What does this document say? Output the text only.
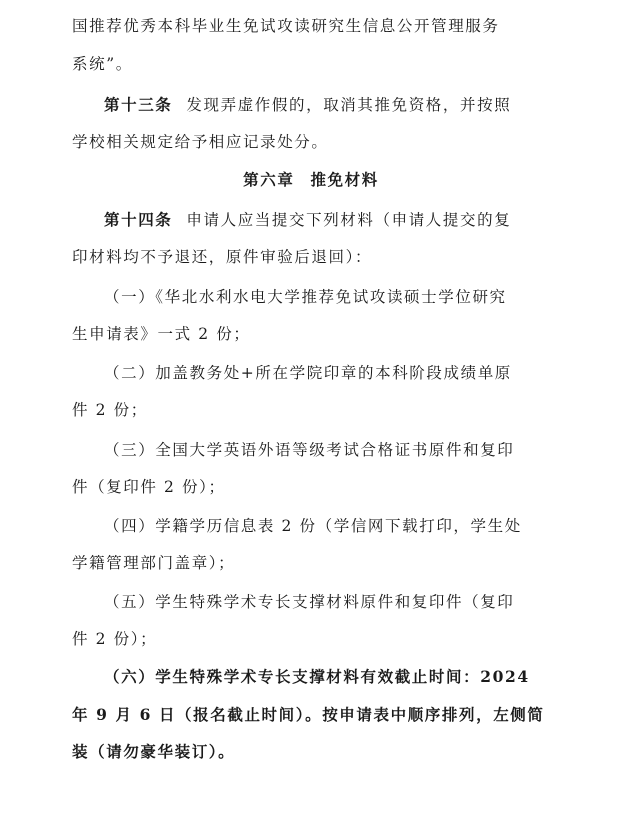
国推荐优秀本科毕业生免试攻读研究生信息公开管理服务
系统”。
第十三条 发现弄虚作假的，取消其推免资格，并按照
学校相关规定给予相应记录处分。
第六章 推免材料
第十四条 申请人应当提交下列材料（申请人提交的复
印材料均不予退还，原件审验后退回）：
（一）《华北水利水电大学推荐免试攻读硕士学位研究
生申请表》一式 2 份；
（二）加盖教务处+所在学院印章的本科阶段成绩单原
件 2 份；
（三）全国大学英语外语等级考试合格证书原件和复印
件（复印件 2 份）；
（四）学籍学历信息表 2 份（学信网下载打印，学生处
学籍管理部门盖章）；
（五）学生特殊学术专长支撑材料原件和复印件（复印
件 2 份）；
（六）学生特殊学术专长支撑材料有效截止时间：2024
年 9 月 6 日（报名截止时间）。按申请表中顺序排列，左侧简
装（请勿豪华装订）。
